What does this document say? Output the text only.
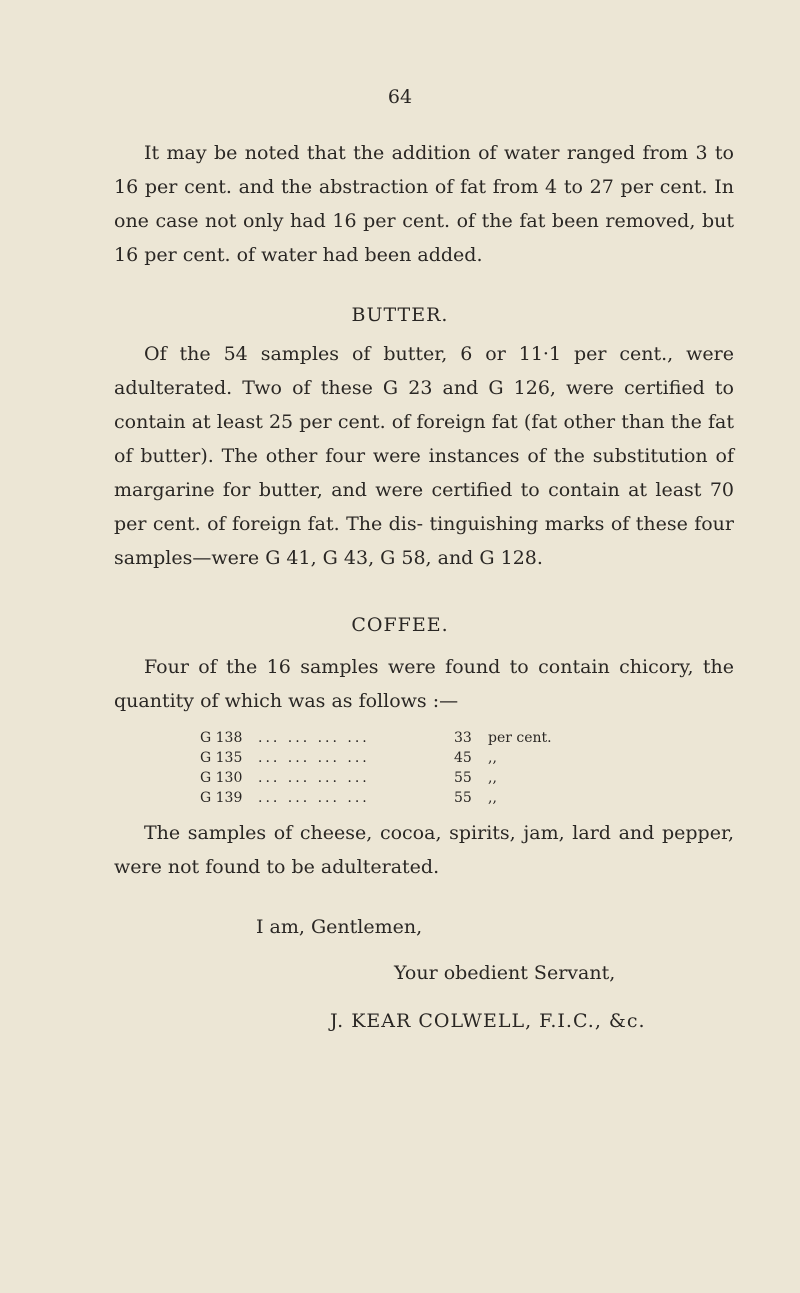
64

It may be noted that the addition of water ranged from 3 to 16 per cent. and the abstraction of fat from 4 to 27 per cent. In one case not only had 16 per cent. of the fat been removed, but 16 per cent. of water had been added.

BUTTER.

Of the 54 samples of butter, 6 or 11·1 per cent., were adulterated. Two of these G 23 and G 126, were certified to contain at least 25 per cent. of foreign fat (fat other than the fat of butter). The other four were instances of the substitution of margarine for butter, and were certified to contain at least 70 per cent. of foreign fat. The dis- tinguishing marks of these four samples—were G 41, G 43, G 58, and G 128.

COFFEE.

Four of the 16 samples were found to contain chicory, the quantity of which was as follows :—

G 138	... ... ... ...	33	per cent.
G 135	... ... ... ...	45	,,
G 130	... ... ... ...	55	,,
G 139	... ... ... ...	55	,,

The samples of cheese, cocoa, spirits, jam, lard and pepper, were not found to be adulterated.

I am, Gentlemen,
Your obedient Servant,
J. KEAR COLWELL, F.I.C., &c.
